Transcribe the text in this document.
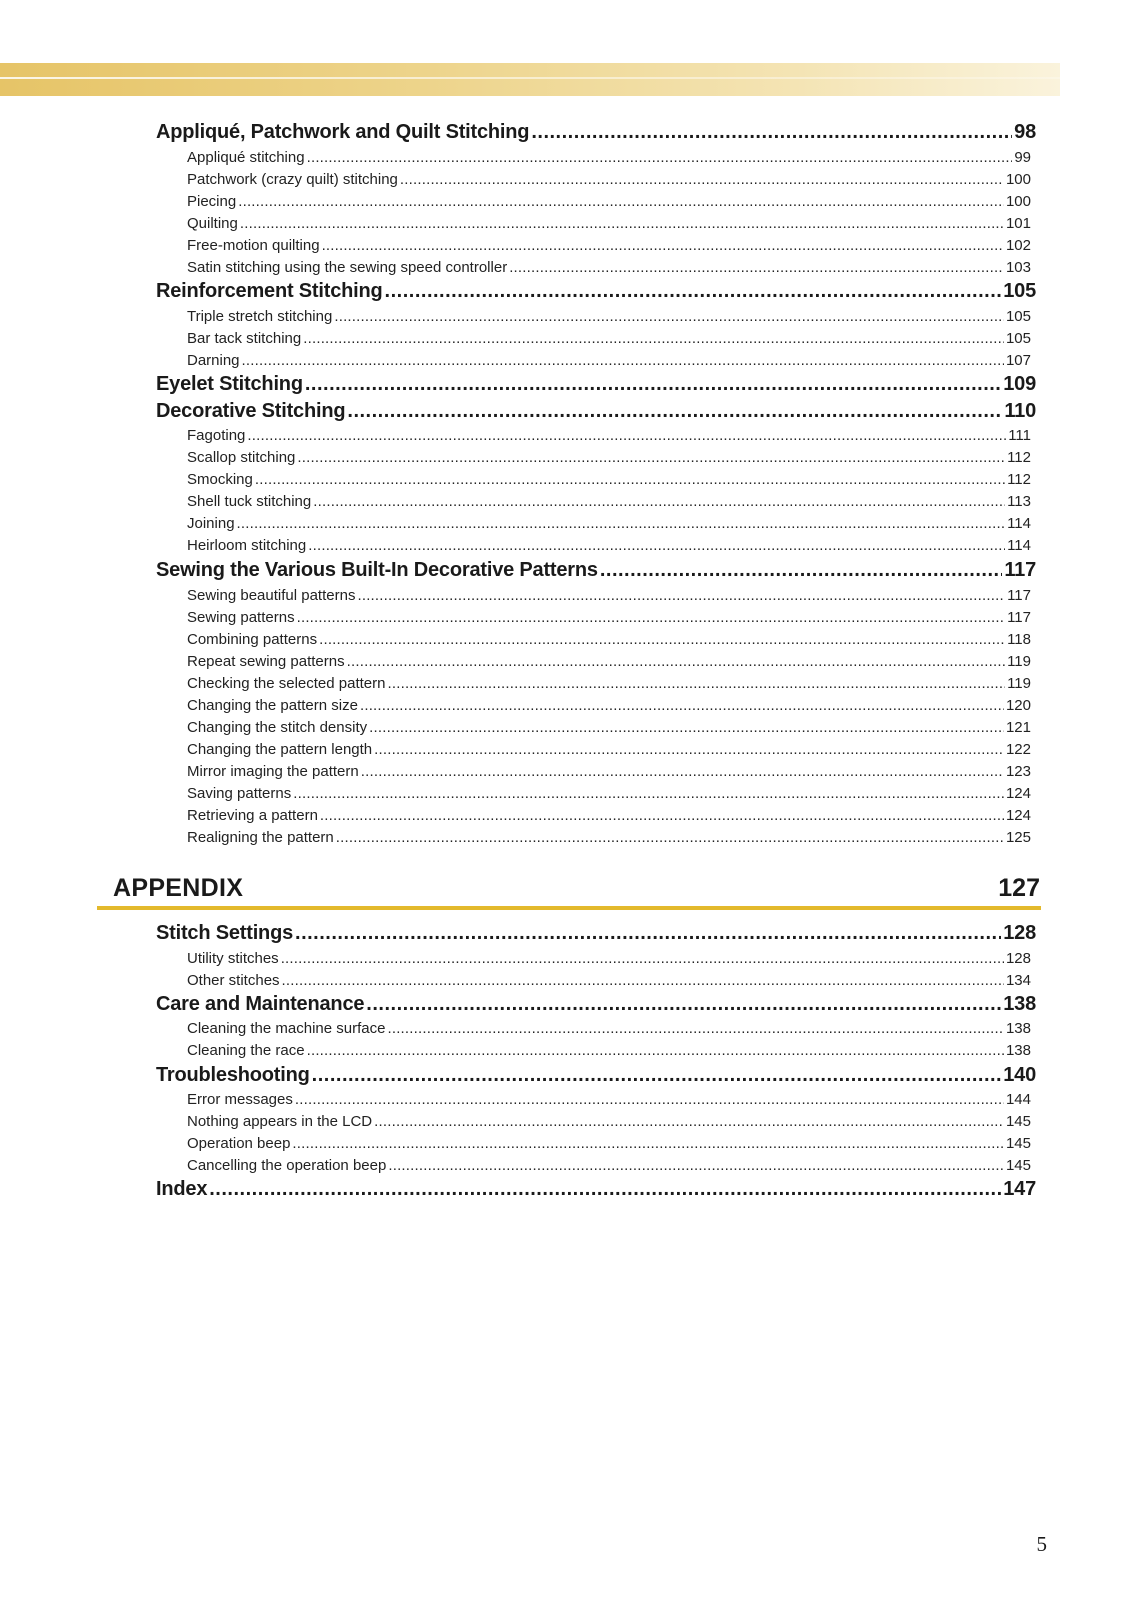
Appliqué, Patchwork and Quilt Stitching .....	98
Appliqué stitching .....	99
Patchwork (crazy quilt) stitching .....	100
Piecing .....	100
Quilting .....	101
Free-motion quilting .....	102
Satin stitching using the sewing speed controller .....	103
Reinforcement Stitching .....	105
Triple stretch stitching .....	105
Bar tack stitching .....	105
Darning .....	107
Eyelet Stitching .....	109
Decorative Stitching .....	110
Fagoting .....	111
Scallop stitching .....	112
Smocking .....	112
Shell tuck stitching .....	113
Joining .....	114
Heirloom stitching .....	114
Sewing the Various Built-In Decorative Patterns .....	117
Sewing beautiful patterns .....	117
Sewing patterns .....	117
Combining patterns .....	118
Repeat sewing patterns .....	119
Checking the selected pattern .....	119
Changing the pattern size .....	120
Changing the stitch density .....	121
Changing the pattern length .....	122
Mirror imaging the pattern .....	123
Saving patterns .....	124
Retrieving a pattern .....	124
Realigning the pattern .....	125
APPENDIX	127
Stitch Settings .....	128
Utility stitches .....	128
Other stitches .....	134
Care and Maintenance .....	138
Cleaning the machine surface .....	138
Cleaning the race .....	138
Troubleshooting .....	140
Error messages .....	144
Nothing appears in the LCD .....	145
Operation beep .....	145
Cancelling the operation beep .....	145
Index .....	147
5
